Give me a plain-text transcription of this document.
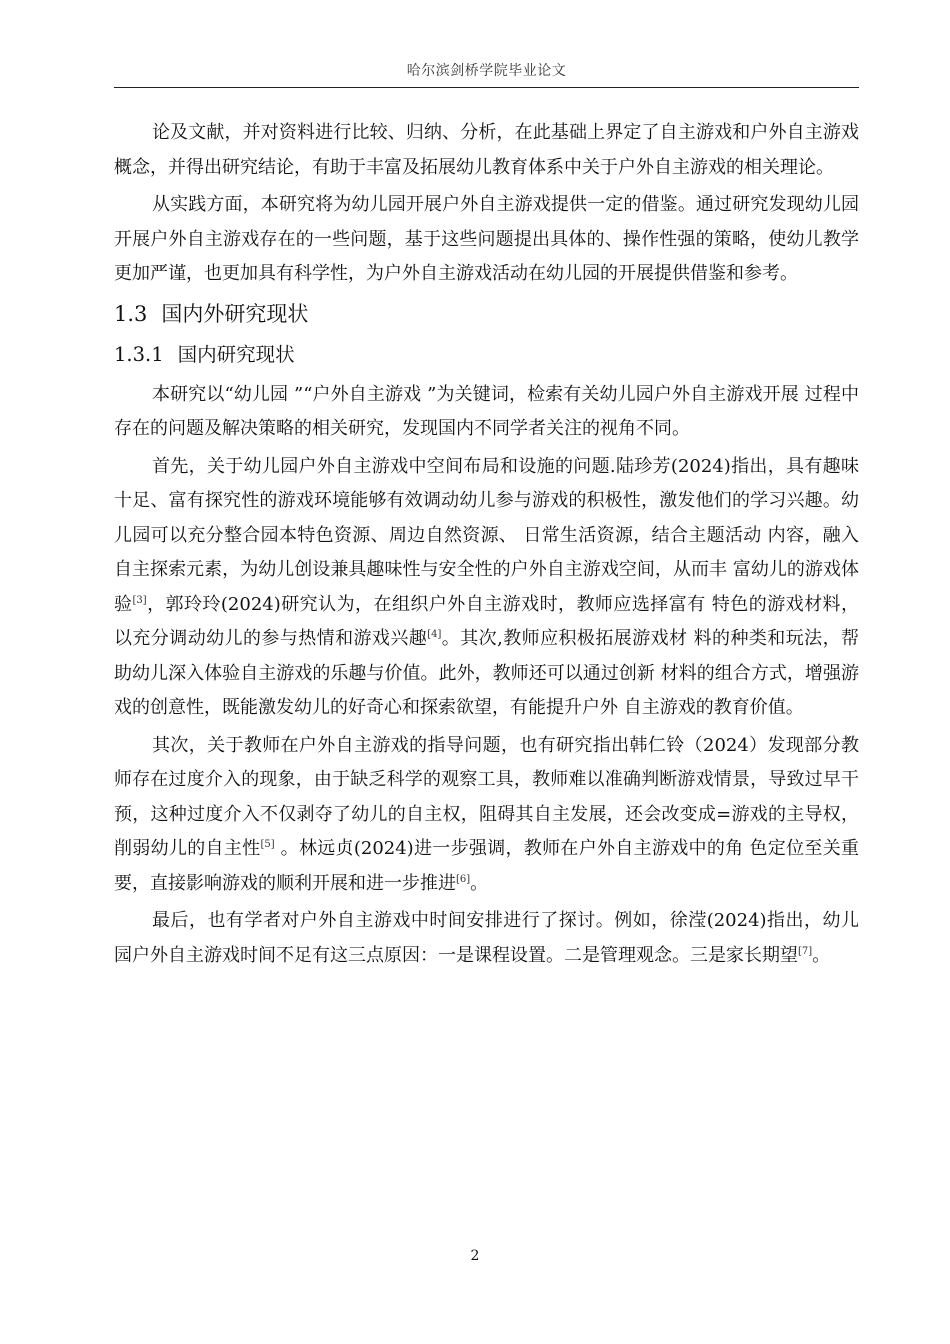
哈尔滨剑桥学院毕业论文

论及文献，并对资料进行比较、归纳、分析，在此基础上界定了自主游戏和户外自主游戏概念，并得出研究结论，有助于丰富及拓展幼儿教育体系中关于户外自主游戏的相关理论。

从实践方面，本研究将为幼儿园开展户外自主游戏提供一定的借鉴。通过研究发现幼儿园开展户外自主游戏存在的一些问题，基于这些问题提出具体的、操作性强的策略，使幼儿教学更加严谨，也更加具有科学性，为户外自主游戏活动在幼儿园的开展提供借鉴和参考。

1.3 国内外研究现状
1.3.1 国内研究现状

本研究以“幼儿园 ”“户外自主游戏 ”为关键词，检索有关幼儿园户外自主游戏开展 过程中存在的问题及解决策略的相关研究，发现国内不同学者关注的视角不同。

首先，关于幼儿园户外自主游戏中空间布局和设施的问题.陆珍芳(2024)指出，具有趣味十足、富有探究性的游戏环境能够有效调动幼儿参与游戏的积极性，激发他们的学习兴趣。幼儿园可以充分整合园本特色资源、周边自然资源、 日常生活资源，结合主题活动 内容，融入自主探索元素，为幼儿创设兼具趣味性与安全性的户外自主游戏空间，从而丰 富幼儿的游戏体验[3]，郭玲玲(2024)研究认为，在组织户外自主游戏时，教师应选择富有 特色的游戏材料，以充分调动幼儿的参与热情和游戏兴趣[4]。其次,教师应积极拓展游戏材 料的种类和玩法，帮助幼儿深入体验自主游戏的乐趣与价值。此外，教师还可以通过创新 材料的组合方式，增强游戏的创意性，既能激发幼儿的好奇心和探索欲望，有能提升户外 自主游戏的教育价值。

其次，关于教师在户外自主游戏的指导问题，也有研究指出韩仁铃（2024）发现部分教师存在过度介入的现象，由于缺乏科学的观察工具，教师难以准确判断游戏情景，导致过早干预，这种过度介入不仅剥夺了幼儿的自主权，阻碍其自主发展，还会改变成=游戏的主导权，削弱幼儿的自主性[5] 。林远贞(2024)进一步强调，教师在户外自主游戏中的角 色定位至关重要，直接影响游戏的顺利开展和进一步推进[6]。

最后，也有学者对户外自主游戏中时间安排进行了探讨。例如，徐滢(2024)指出，幼儿园户外自主游戏时间不足有这三点原因：一是课程设置。二是管理观念。三是家长期望[7]。

2
